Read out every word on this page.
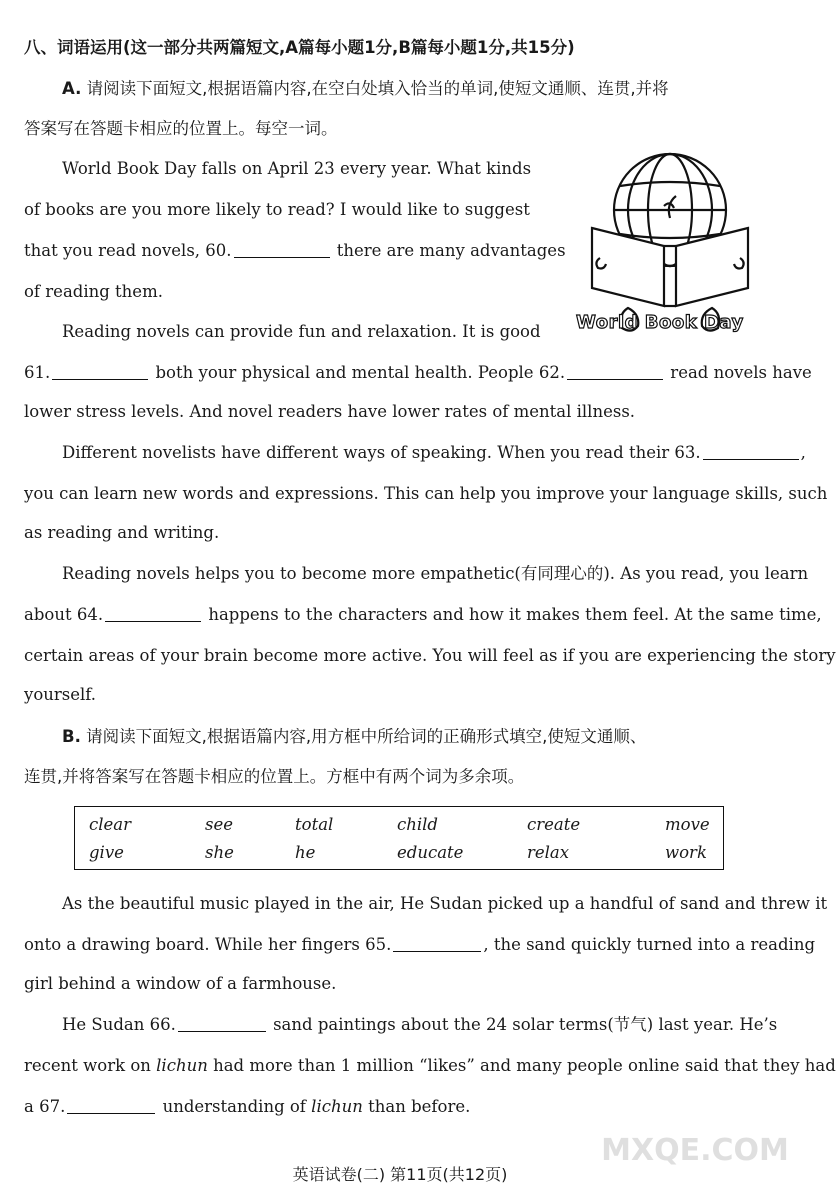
八、词语运用(这一部分共两篇短文,A篇每小题1分,B篇每小题1分,共15分)
A. 请阅读下面短文,根据语篇内容,在空白处填入恰当的单词,使短文通顺、连贯,并将
答案写在答题卡相应的位置上。每空一词。
World Book Day falls on April 23 every year. What kinds
of books are you more likely to read? I would like to suggest
that you read novels, 60.	there are many advantages
of reading them.
Reading novels can provide fun and relaxation. It is good
61.	both your physical and mental health. People 62.	read novels have
lower stress levels. And novel readers have lower rates of mental illness.
Different novelists have different ways of speaking. When you read their 63.	,
you can learn new words and expressions. This can help you improve your language skills, such
as reading and writing.
Reading novels helps you to become more empathetic(有同理心的). As you read, you learn
about 64.	happens to the characters and how it makes them feel. At the same time,
certain areas of your brain become more active. You will feel as if you are experiencing the story
yourself.
World Book Day
B. 请阅读下面短文,根据语篇内容,用方框中所给词的正确形式填空,使短文通顺、
连贯,并将答案写在答题卡相应的位置上。方框中有两个词为多余项。
clear	see	total	child	create	move
give	she	he	educate	relax	work
As the beautiful music played in the air, He Sudan picked up a handful of sand and threw it
onto a drawing board. While her fingers 65.	, the sand quickly turned into a reading
girl behind a window of a farmhouse.
He Sudan 66.	sand paintings about the 24 solar terms(节气) last year. He’s
recent work on lichun had more than 1 million “likes” and many people online said that they had
a 67.	understanding of lichun than before.
英语试卷(二) 第11页(共12页)
MXQE.COM
